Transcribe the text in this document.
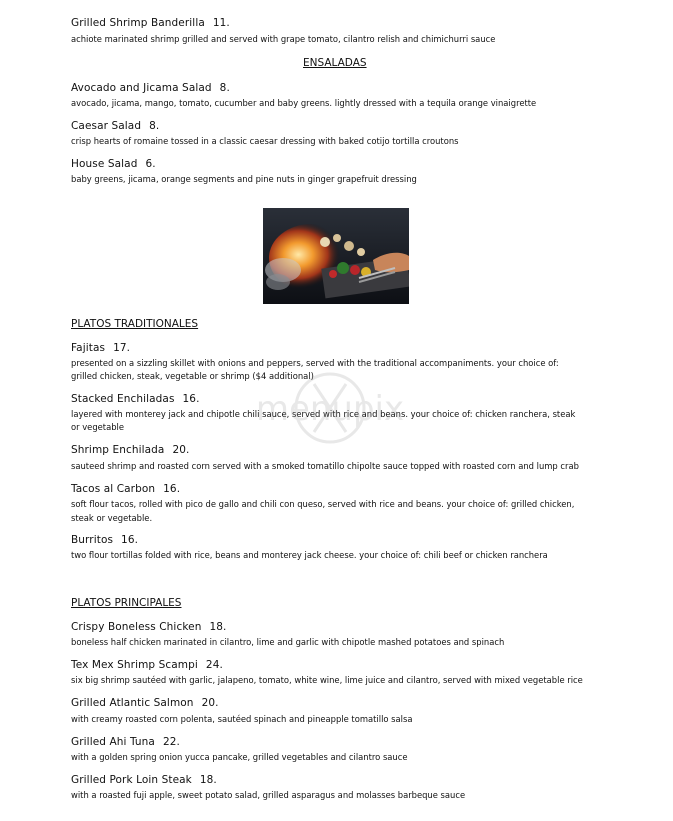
Grilled Shrimp Banderilla 11.
achiote marinated shrimp grilled and served with grape tomato, cilantro relish and chimichurri sauce
ENSALADAS
Avocado and Jicama Salad 8.
avocado, jicama, mango, tomato, cucumber and baby greens. lightly dressed with a tequila orange vinaigrette
Caesar Salad 8.
crisp hearts of romaine tossed in a classic caesar dressing with baked cotijo tortilla croutons
House Salad 6.
baby greens, jicama, orange segments and pine nuts in ginger grapefruit dressing
PLATOS TRADITIONALES
Fajitas 17.
presented on a sizzling skillet with onions and peppers, served with the traditional accompaniments. your choice of:
grilled chicken, steak, vegetable or shrimp ($4 additional)
Stacked Enchiladas 16.
layered with monterey jack and chipotle chili sauce, served with rice and beans. your choice of: chicken ranchera, steak
or vegetable
Shrimp Enchilada 20.
sauteed shrimp and roasted corn served with a smoked tomatillo chipolte sauce topped with roasted corn and lump crab
Tacos al Carbon 16.
soft flour tacos, rolled with pico de gallo and chili con queso, served with rice and beans. your choice of: grilled chicken,
steak or vegetable.
Burritos 16.
two flour tortillas folded with rice, beans and monterey jack cheese. your choice of: chili beef or chicken ranchera
PLATOS PRINCIPALES
Crispy Boneless Chicken 18.
boneless half chicken marinated in cilantro, lime and garlic with chipotle mashed potatoes and spinach
Tex Mex Shrimp Scampi 24.
six big shrimp sautéed with garlic, jalapeno, tomato, white wine, lime juice and cilantro, served with mixed vegetable rice
Grilled Atlantic Salmon 20.
with creamy roasted corn polenta, sautéed spinach and pineapple tomatillo salsa
Grilled Ahi Tuna 22.
with a golden spring onion yucca pancake, grilled vegetables and cilantro sauce
Grilled Pork Loin Steak 18.
with a roasted fuji apple, sweet potato salad, grilled asparagus and molasses barbeque sauce
menupix
